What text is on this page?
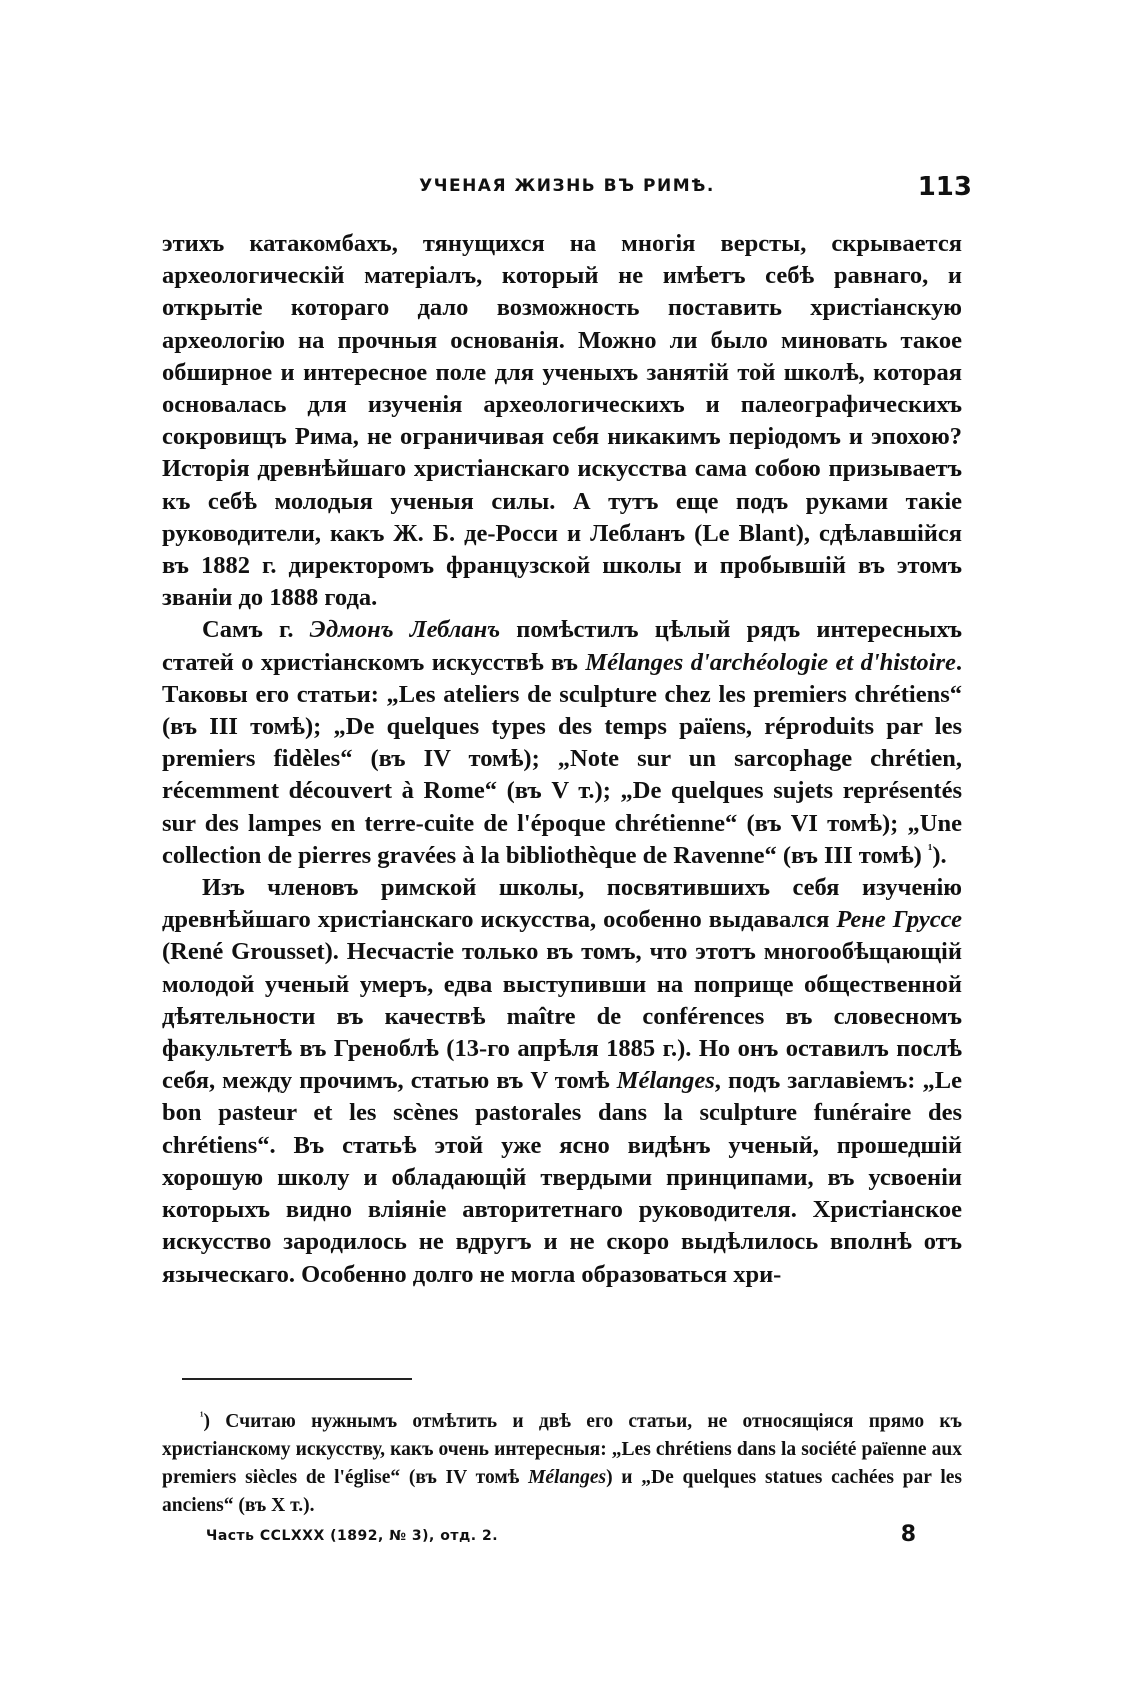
УЧЕНАЯ ЖИЗНЬ ВЪ РИМѢ.	113

этихъ катакомбахъ, тянущихся на многія версты, скрывается археологическій матеріалъ, который не имѣетъ себѣ равнаго, и открытіе котораго дало возможность поставить христіанскую археологію на прочныя основанія. Можно ли было миновать такое обширное и интересное поле для ученыхъ занятій той школѣ, которая основалась для изученія археологическихъ и палеографическихъ сокровищъ Рима, не ограничивая себя никакимъ періодомъ и эпохою? Исторія древнѣйшаго христіанскаго искусства сама собою призываетъ къ себѣ молодыя ученыя силы. А тутъ еще подъ руками такіе руководители, какъ Ж. Б. де-Росси и Лебланъ (Le Blant), сдѣлавшійся въ 1882 г. директоромъ французской школы и пробывшій въ этомъ званіи до 1888 года.

Самъ г. Эдмонъ Лебланъ помѣстилъ цѣлый рядъ интересныхъ статей о христіанскомъ искусствѣ въ Mélanges d'archéologie et d'histoire. Таковы его статьи: „Les ateliers de sculpture chez les premiers chrétiens“ (въ III томѣ); „De quelques types des temps païens, réproduits par les premiers fidèles“ (въ IV томѣ); „Note sur un sarcophage chrétien, récemment découvert à Rome“ (въ V т.); „De quelques sujets représentés sur des lampes en terre-cuite de l'époque chrétienne“ (въ VI томѣ); „Une collection de pierres gravées à la bibliothèque de Ravenne“ (въ III томѣ) $^{^1}$).

Изъ членовъ римской школы, посвятившихъ себя изученію древнѣйшаго христіанскаго искусства, особенно выдавался Рене Груссе (René Grousset). Несчастіе только въ томъ, что этотъ многообѣщающій молодой ученый умеръ, едва выступивши на поприще общественной дѣятельности въ качествѣ maître de conférences въ словесномъ факультетѣ въ Греноблѣ (13-го апрѣля 1885 г.). Но онъ оставилъ послѣ себя, между прочимъ, статью въ V томѣ Mélanges, подъ заглавіемъ: „Le bon pasteur et les scènes pastorales dans la sculpture funéraire des chrétiens“. Въ статьѣ этой уже ясно видѣнъ ученый, прошедшій хорошую школу и обладающій твердыми принципами, въ усвоеніи которыхъ видно вліяніе авторитетнаго руководителя. Христіанское искусство зародилось не вдругъ и не скоро выдѣлилось вполнѣ отъ языческаго. Особенно долго не могла образоваться хри-

$^{^1}$) Считаю нужнымъ отмѣтить и двѣ его статьи, не относящіяся прямо къ христіанскому искусству, какъ очень интересныя: „Les chrétiens dans la société païenne aux premiers siècles de l'église“ (въ IV томѣ Mélanges) и „De quelques statues cachées par les anciens“ (въ X т.).

Часть CCLXXX (1892, № 3), отд. 2.	8
